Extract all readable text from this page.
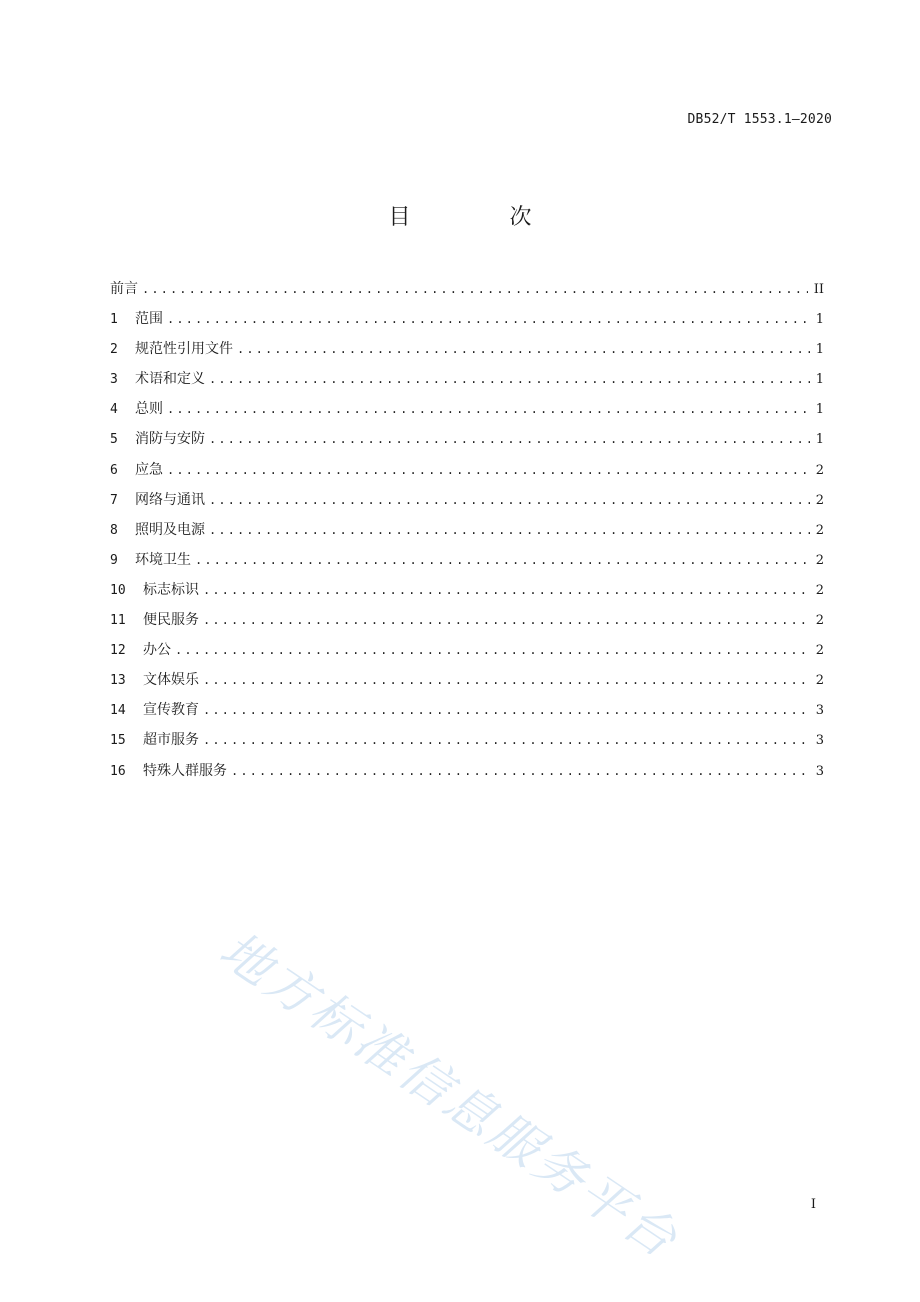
DB52/T 1553.1—2020
目 次
前言 .....	II
1	范围 .....	1
2	规范性引用文件 .....	1
3	术语和定义 .....	1
4	总则 .....	1
5	消防与安防 .....	1
6	应急 .....	2
7	网络与通讯 .....	2
8	照明及电源 .....	2
9	环境卫生 .....	2
10	标志标识 .....	2
11	便民服务 .....	2
12	办公 .....	2
13	文体娱乐 .....	2
14	宣传教育 .....	3
15	超市服务 .....	3
16	特殊人群服务 .....	3
地方标准信息服务平台	I
